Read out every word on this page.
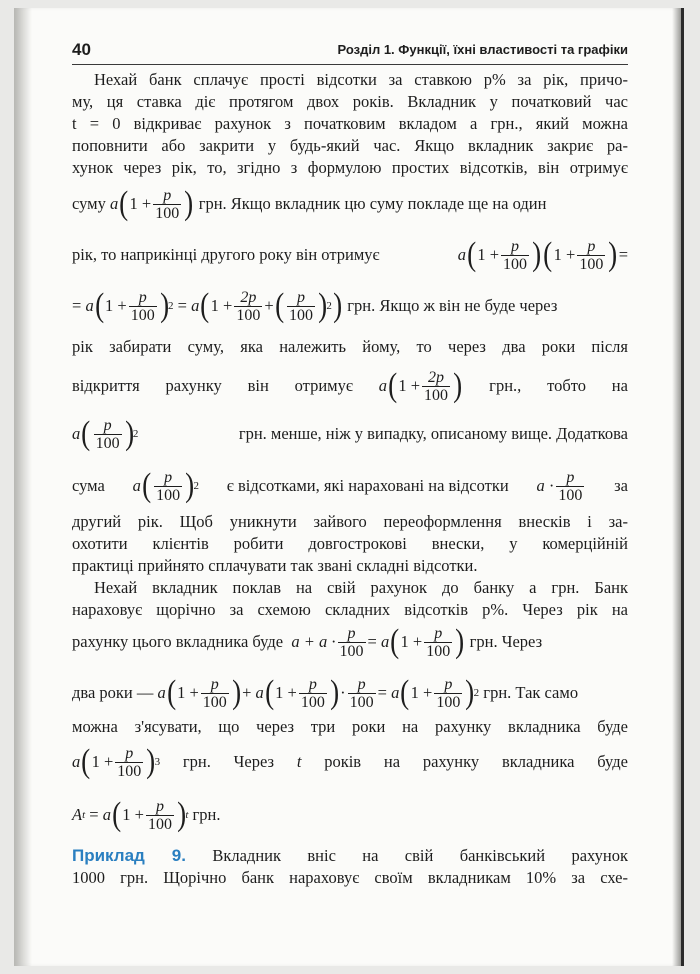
40	Розділ 1. Функції, їхні властивості та графіки
Нехай банк сплачує прості відсотки за ставкою p% за рік, причо-
му, ця ставка діє протягом двох років. Вкладник у початковий час
t = 0 відкриває рахунок з початковим вкладом a грн., який можна
поповнити або закрити у будь-який час. Якщо вкладник закриє ра-
хунок через рік, то, згідно з формулою простих відсотків, він отримує
суму
a ( $1 + \frac{p}{100}$ )
грн. Якщо вкладник цю суму покладе ще на один
рік, то наприкінці другого року він отримує	a ( $1 + \frac{p}{100}$ ) ( $1 + \frac{p}{100}$ ) =
=
a ( $1 + \frac{p}{100}$ ) 2
=
a ( $1 + \frac{2p}{100}$ + ( $\frac{p}{100}$ ) 2 )
грн. Якщо ж він не буде через
рік забирати суму, яка належить йому, то через два роки після
відкриття рахунку він отримує a ( $1 + \frac{2p}{100}$ ) грн., тобто на
a ( $\frac{p}{100}$ ) 2	грн. менше, ніж у випадку, описаному вище. Додаткова
сума a ( $\frac{p}{100}$ ) 2 є відсотками, які нараховані на відсотки a
· $\frac{p}{100}$ за
другий рік. Щоб уникнути зайвого переоформлення внесків і за-
охотити клієнтів робити довгострокові внески, у комерційній
практиці прийнято сплачувати так звані складні відсотки.
Нехай вкладник поклав на свій рахунок до банку a грн. Банк
нараховує щорічно за схемою складних відсотків p%. Через рік на
рахунку цього вкладника буде
$a + a \cdot \frac{p}{100}$ =
a ( $1 + \frac{p}{100}$ )
грн. Через
два роки —
a ( $1 + \frac{p}{100}$ ) +
a ( $1 + \frac{p}{100}$ ) · $\frac{p}{100}$ =
a ( $1 + \frac{p}{100}$ ) 2
грн. Так само
можна з'ясувати, що через три роки на рахунку вкладника буде
a ( $1 + \frac{p}{100}$ ) 3 грн. Через t років на рахунку вкладника буде
A t
=
a ( $1 + \frac{p}{100}$ ) t
грн.
Приклад 9. Вкладник вніс на свій банківський рахунок
1000 грн. Щорічно банк нараховує своїм вкладникам 10% за схе-
